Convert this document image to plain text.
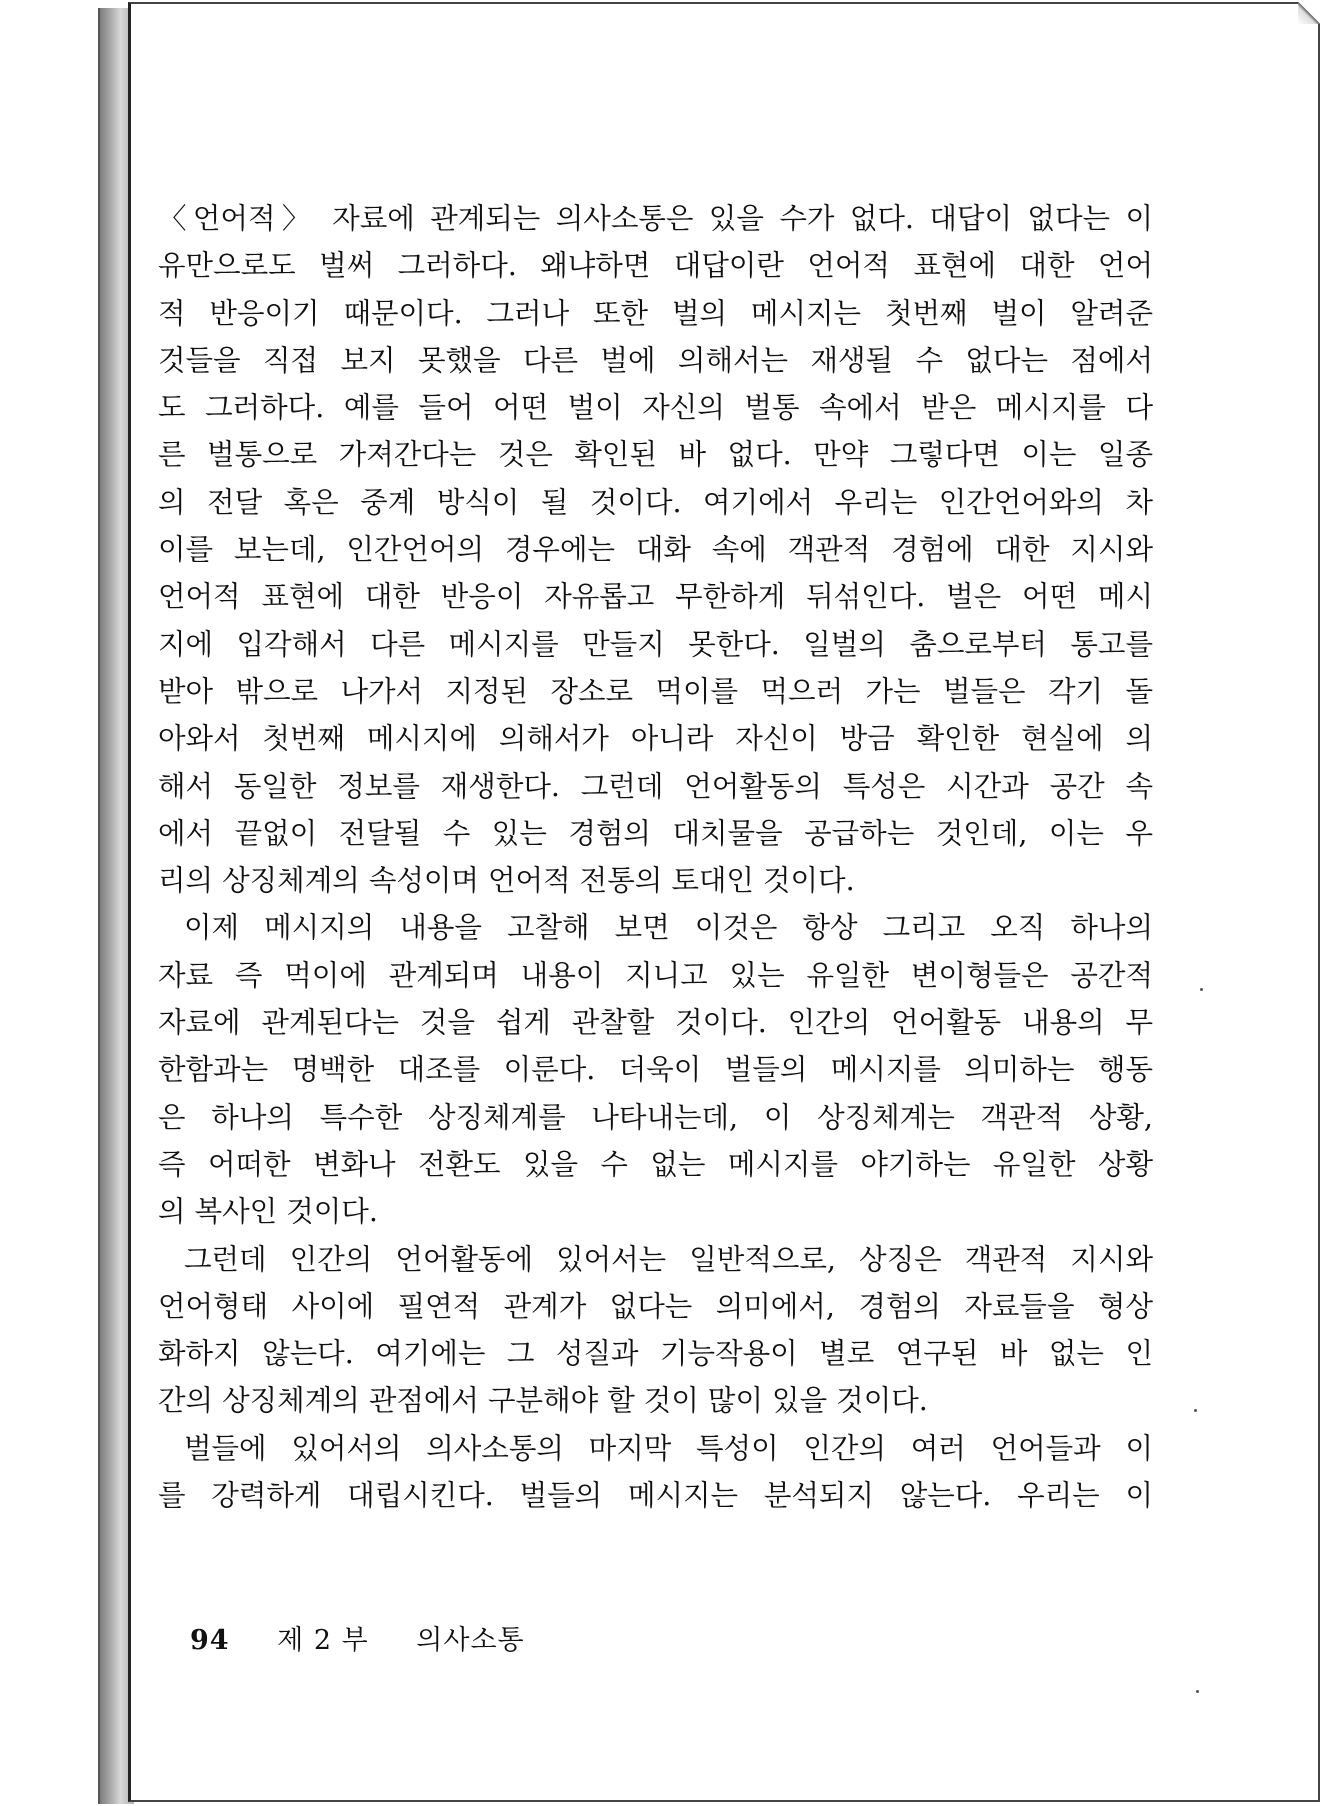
〈언어적〉 자료에 관계되는 의사소통은 있을 수가 없다. 대답이 없다는 이
유만으로도 벌써 그러하다. 왜냐하면 대답이란 언어적 표현에 대한 언어
적 반응이기 때문이다. 그러나 또한 벌의 메시지는 첫번째 벌이 알려준
것들을 직접 보지 못했을 다른 벌에 의해서는 재생될 수 없다는 점에서
도 그러하다. 예를 들어 어떤 벌이 자신의 벌통 속에서 받은 메시지를 다
른 벌통으로 가져간다는 것은 확인된 바 없다. 만약 그렇다면 이는 일종
의 전달 혹은 중계 방식이 될 것이다. 여기에서 우리는 인간언어와의 차
이를 보는데, 인간언어의 경우에는 대화 속에 객관적 경험에 대한 지시와
언어적 표현에 대한 반응이 자유롭고 무한하게 뒤섞인다. 벌은 어떤 메시
지에 입각해서 다른 메시지를 만들지 못한다. 일벌의 춤으로부터 통고를
받아 밖으로 나가서 지정된 장소로 먹이를 먹으러 가는 벌들은 각기 돌
아와서 첫번째 메시지에 의해서가 아니라 자신이 방금 확인한 현실에 의
해서 동일한 정보를 재생한다. 그런데 언어활동의 특성은 시간과 공간 속
에서 끝없이 전달될 수 있는 경험의 대치물을 공급하는 것인데, 이는 우
리의 상징체계의 속성이며 언어적 전통의 토대인 것이다.
이제 메시지의 내용을 고찰해 보면 이것은 항상 그리고 오직 하나의
자료 즉 먹이에 관계되며 내용이 지니고 있는 유일한 변이형들은 공간적
자료에 관계된다는 것을 쉽게 관찰할 것이다. 인간의 언어활동 내용의 무
한함과는 명백한 대조를 이룬다. 더욱이 벌들의 메시지를 의미하는 행동
은 하나의 특수한 상징체계를 나타내는데, 이 상징체계는 객관적 상황,
즉 어떠한 변화나 전환도 있을 수 없는 메시지를 야기하는 유일한 상황
의 복사인 것이다.
그런데 인간의 언어활동에 있어서는 일반적으로, 상징은 객관적 지시와
언어형태 사이에 필연적 관계가 없다는 의미에서, 경험의 자료들을 형상
화하지 않는다. 여기에는 그 성질과 기능작용이 별로 연구된 바 없는 인
간의 상징체계의 관점에서 구분해야 할 것이 많이 있을 것이다.
벌들에 있어서의 의사소통의 마지막 특성이 인간의 여러 언어들과 이
를 강력하게 대립시킨다. 벌들의 메시지는 분석되지 않는다. 우리는 이
94 제 2 부 의사소통
